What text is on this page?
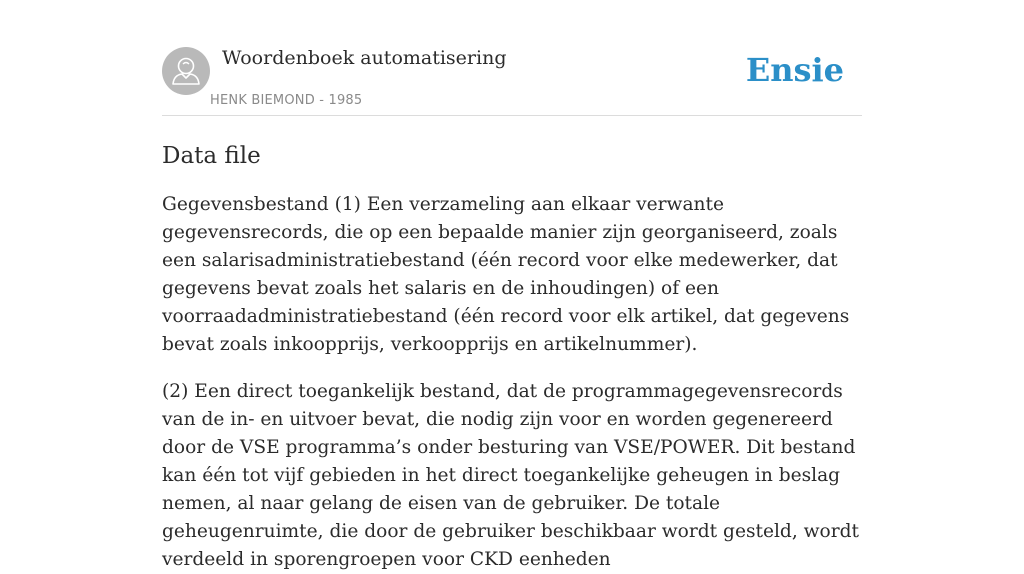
Woordenboek automatisering
HENK BIEMOND - 1985
Ensie
Data file

Gegevensbestand (1) Een verzameling aan elkaar verwante gegevensrecords, die op een bepaalde manier zijn georganiseerd, zoals een salarisadministratiebestand (één record voor elke medewerker, dat gegevens bevat zoals het salaris en de inhoudingen) of een voorraadadministratiebestand (één record voor elk artikel, dat gegevens bevat zoals inkoopprijs, verkoopprijs en artikelnummer).

(2) Een direct toegankelijk bestand, dat de programmagegevensrecords van de in- en uitvoer bevat, die nodig zijn voor en worden gegenereerd door de VSE programma’s onder besturing van VSE/POWER. Dit bestand kan één tot vijf gebieden in het direct toegankelijke geheugen in beslag nemen, al naar gelang de eisen van de gebruiker. De totale geheugenruimte, die door de gebruiker beschikbaar wordt gesteld, wordt verdeeld in sporengroepen voor CKD eenheden
